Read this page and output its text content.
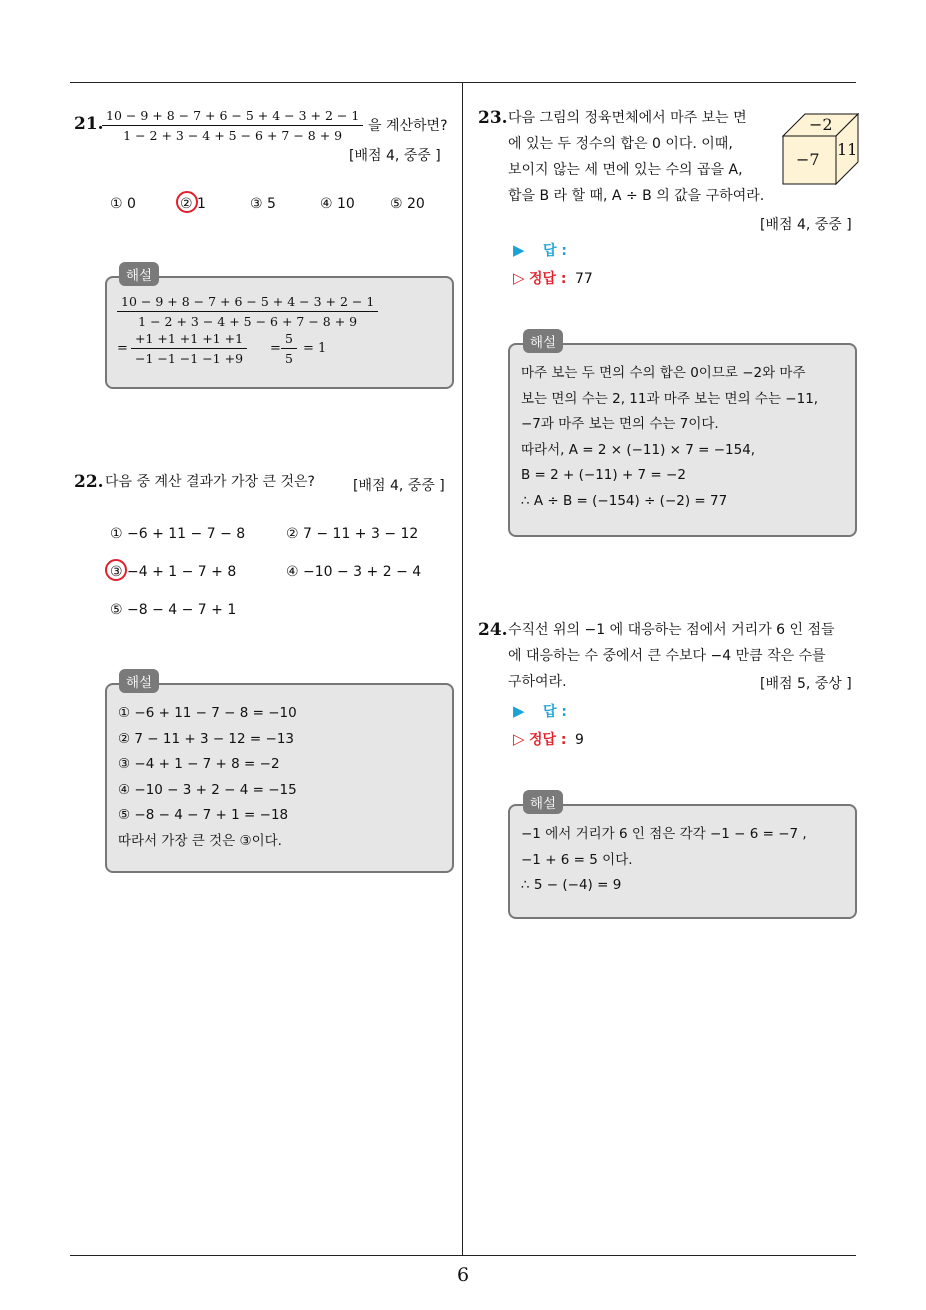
21.
$\frac{10 - 9 + 8 - 7 + 6 - 5 + 4 - 3 + 2 - 1}{1 - 2 + 3 - 4 + 5 - 6 + 7 - 8 + 9}$ 을 계산하면?
[배점 4, 중중 ]
① 0	② 1	③ 5	④ 10	⑤ 20
해설
$\frac{10 - 9 + 8 - 7 + 6 - 5 + 4 - 3 + 2 - 1}{1 - 2 + 3 - 4 + 5 - 6 + 7 - 8 + 9}$
= $\frac{+1 +1 +1 +1 +1}{-1 -1 -1 -1 +9} = \frac{5}{5} = 1$
22. 다음 중 계산 결과가 가장 큰 것은?	[배점 4, 중중 ]
① −6 + 11 − 7 − 8	② 7 − 11 + 3 − 12
③ −4 + 1 − 7 + 8	④ −10 − 3 + 2 − 4
⑤ −8 − 4 − 7 + 1
해설
① −6 + 11 − 7 − 8 = −10
② 7 − 11 + 3 − 12 = −13
③ −4 + 1 − 7 + 8 = −2
④ −10 − 3 + 2 − 4 = −15
⑤ −8 − 4 − 7 + 1 = −18
따라서 가장 큰 것은 ③이다.
23. 다음 그림의 정육면체에서 마주 보는 면
에 있는 두 정수의 합은 0 이다. 이때,
보이지 않는 세 면에 있는 수의 곱을 A,
합을 B 라 할 때, A ÷ B 의 값을 구하여라.
[배점 4, 중중 ]
−2
−7
11
▶ 답 :
▷ 정답 : 77
해설
마주 보는 두 면의 수의 합은 0이므로 −2와 마주
보는 면의 수는 2, 11과 마주 보는 면의 수는 −11,
−7과 마주 보는 면의 수는 7이다.
따라서, A = 2 × (−11) × 7 = −154,
B = 2 + (−11) + 7 = −2
∴ A ÷ B = (−154) ÷ (−2) = 77
24. 수직선 위의 −1 에 대응하는 점에서 거리가 6 인 점들
에 대응하는 수 중에서 큰 수보다 −4 만큼 작은 수를
구하여라.	[배점 5, 중상 ]
▶ 답 :
▷ 정답 : 9
해설
−1 에서 거리가 6 인 점은 각각 −1 − 6 = −7 ,
−1 + 6 = 5 이다.
∴ 5 − (−4) = 9
6
